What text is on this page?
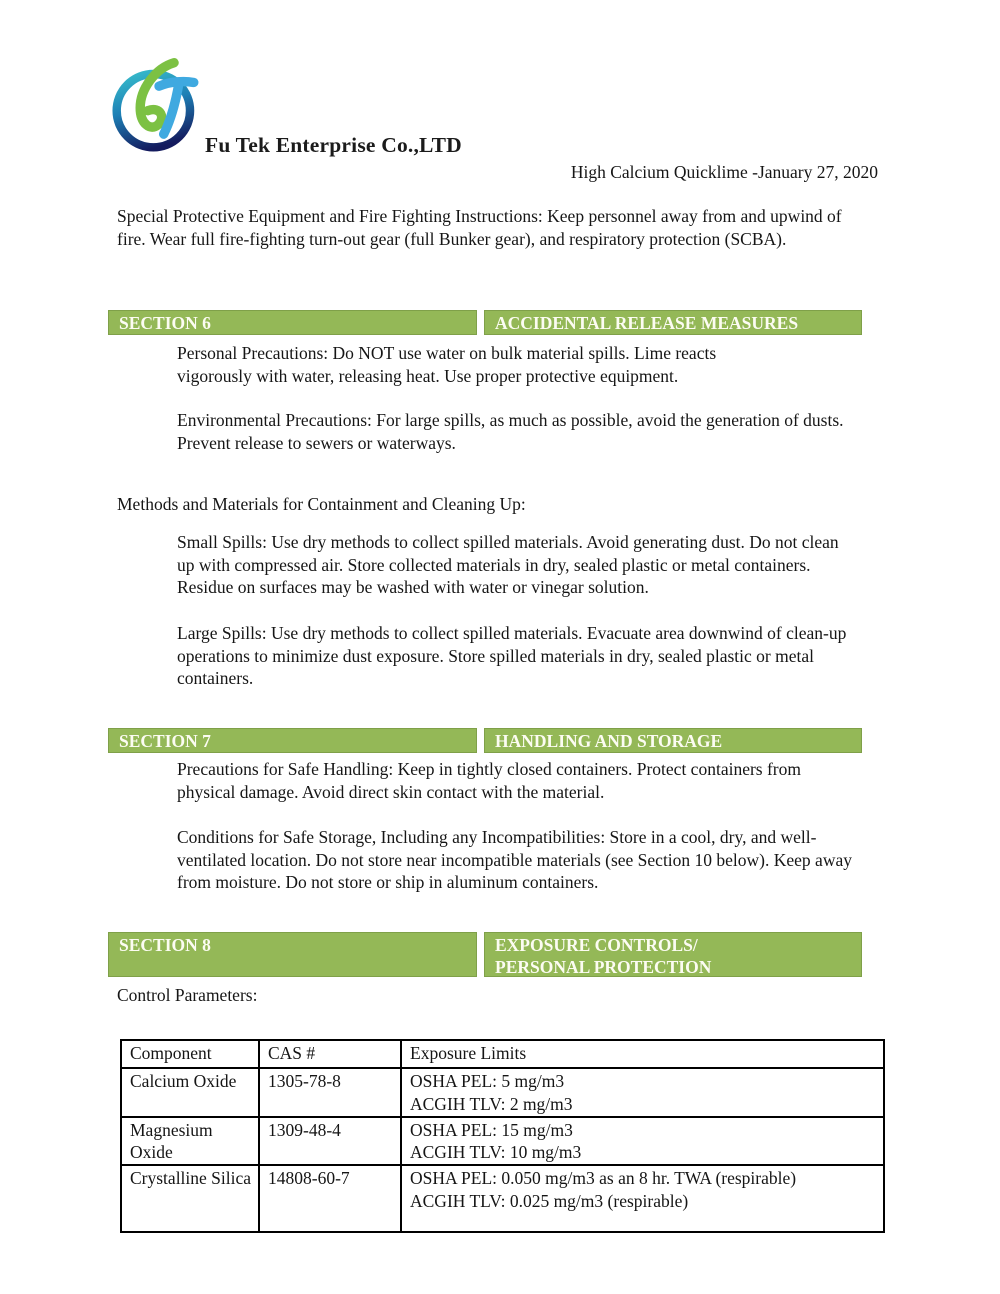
Fu Tek Enterprise Co.,LTD
High Calcium Quicklime -January 27, 2020
Special Protective Equipment and Fire Fighting Instructions: Keep personnel away from and upwind of fire. Wear full fire-fighting turn-out gear (full Bunker gear), and respiratory protection (SCBA).
SECTION 6	ACCIDENTAL RELEASE MEASURES
Personal Precautions: Do NOT use water on bulk material spills. Lime reacts vigorously with water, releasing heat. Use proper protective equipment.
Environmental Precautions: For large spills, as much as possible, avoid the generation of dusts. Prevent release to sewers or waterways.
Methods and Materials for Containment and Cleaning Up:
Small Spills: Use dry methods to collect spilled materials. Avoid generating dust. Do not clean up with compressed air. Store collected materials in dry, sealed plastic or metal containers. Residue on surfaces may be washed with water or vinegar solution.
Large Spills: Use dry methods to collect spilled materials. Evacuate area downwind of clean-up operations to minimize dust exposure. Store spilled materials in dry, sealed plastic or metal containers.
SECTION 7	HANDLING AND STORAGE
Precautions for Safe Handling: Keep in tightly closed containers. Protect containers from physical damage. Avoid direct skin contact with the material.
Conditions for Safe Storage, Including any Incompatibilities: Store in a cool, dry, and well-ventilated location. Do not store near incompatible materials (see Section 10 below). Keep away from moisture. Do not store or ship in aluminum containers.
SECTION 8	EXPOSURE CONTROLS/
PERSONAL PROTECTION
Control Parameters:
Component	CAS #	Exposure Limits
Calcium Oxide	1305-78-8	OSHA PEL: 5 mg/m3
ACGIH TLV: 2 mg/m3

Magnesium Oxide	1309-48-4	OSHA PEL: 15 mg/m3
ACGIH TLV: 10 mg/m3

Crystalline Silica	14808-60-7	OSHA PEL: 0.050 mg/m3 as an 8 hr. TWA (respirable)
ACGIH TLV: 0.025 mg/m3 (respirable)
